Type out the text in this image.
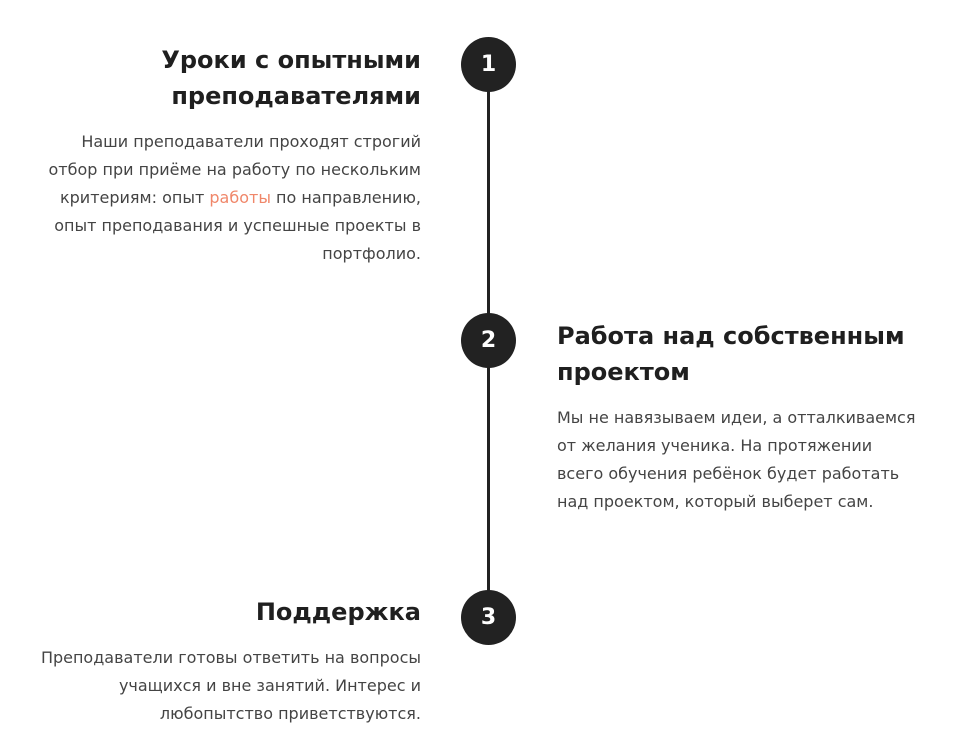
1
2
3
Уроки с опытными преподавателями

Наши преподаватели проходят строгий отбор при приёме на работу по нескольким критериям: опыт работы по направлению, опыт преподавания и успешные проекты в портфолио.

Работа над собственным проектом

Мы не навязываем идеи, а отталкиваемся от желания ученика. На протяжении всего обучения ребёнок будет работать над проектом, который выберет сам.

Поддержка

Преподаватели готовы ответить на вопросы учащихся и вне занятий. Интерес и любопытство приветствуются.
